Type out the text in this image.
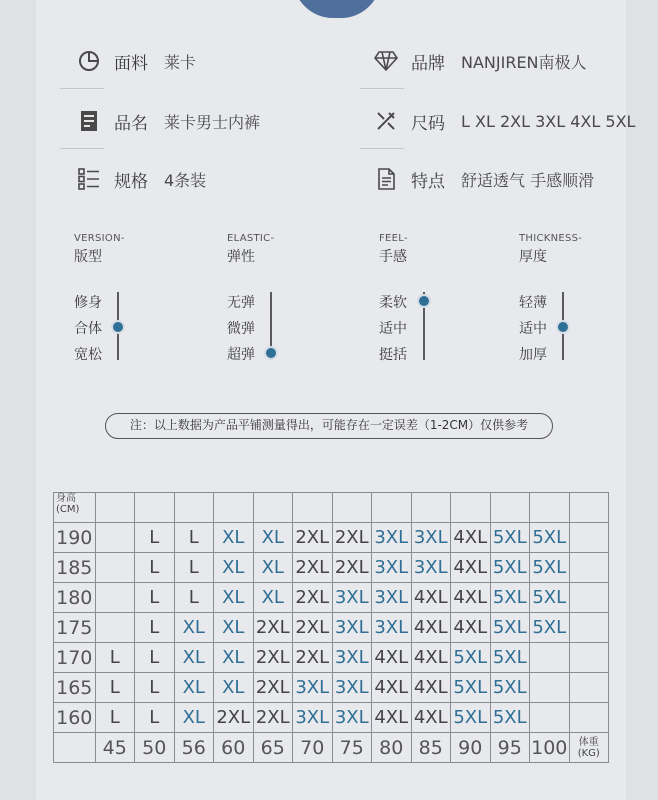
面料 莱卡	品牌 NANJIREN南极人
品名 莱卡男士内裤	尺码 L XL 2XL 3XL 4XL 5XL
规格 4条装	特点 舒适透气 手感顺滑
VERSION-
版型
ELASTIC-
弹性
FEEL-
手感
THICKNESS-
厚度
修身
合体
宽松
无弹
微弹
超弹
柔软
适中
挺括
轻薄
适中
加厚
注：以上数据为产品平铺测量得出，可能存在一定误差（1-2CM）仅供参考
身高
(CM)													

190		L	L	XL	XL	2XL	2XL	3XL	3XL	4XL	5XL	5XL	
185		L	L	XL	XL	2XL	2XL	3XL	3XL	4XL	5XL	5XL	
180		L	L	XL	XL	2XL	3XL	3XL	4XL	4XL	5XL	5XL	
175		L	XL	XL	2XL	2XL	3XL	3XL	4XL	4XL	5XL	5XL	
170	L	L	XL	XL	2XL	2XL	3XL	4XL	4XL	5XL	5XL		
165	L	L	XL	XL	2XL	3XL	3XL	4XL	4XL	5XL	5XL		
160	L	L	XL	2XL	2XL	3XL	3XL	4XL	4XL	5XL	5XL		
	45	50	56	60	65	70	75	80	85	90	95	100	体重
(KG)
